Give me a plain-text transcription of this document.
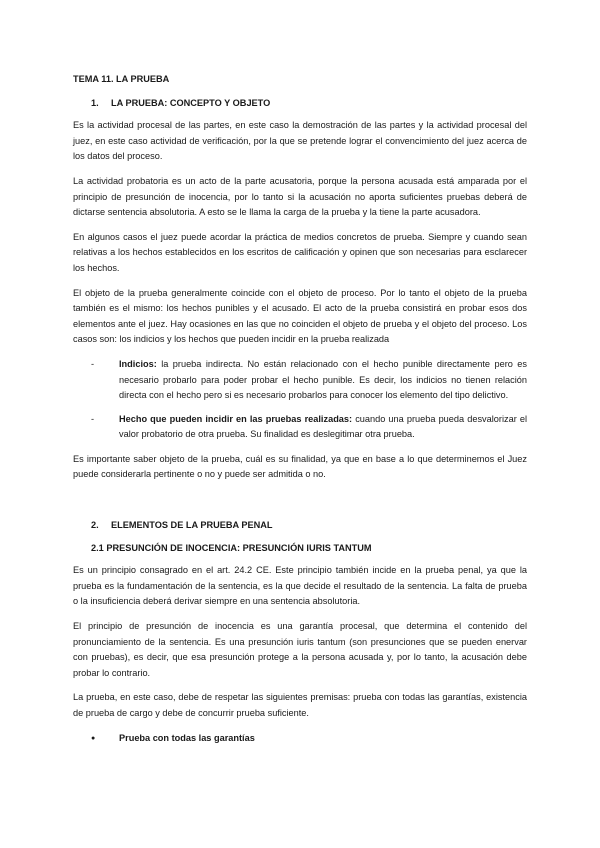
TEMA 11. LA PRUEBA
1.	LA PRUEBA: CONCEPTO Y OBJETO

Es la actividad procesal de las partes, en este caso la demostración de las partes y la actividad procesal del juez, en este caso actividad de verificación, por la que se pretende lograr el convencimiento del juez acerca de los datos del proceso.

La actividad probatoria es un acto de la parte acusatoria, porque la persona acusada está amparada por el principio de presunción de inocencia, por lo tanto si la acusación no aporta suficientes pruebas deberá de dictarse sentencia absolutoria. A esto se le llama la carga de la prueba y la tiene la parte acusadora.

En algunos casos el juez puede acordar la práctica de medios concretos de prueba. Siempre y cuando sean relativas a los hechos establecidos en los escritos de calificación y opinen que son necesarias para esclarecer los hechos.

El objeto de la prueba generalmente coincide con el objeto de proceso. Por lo tanto el objeto de la prueba también es el mismo: los hechos punibles y el acusado. El acto de la prueba consistirá en probar esos dos elementos ante el juez. Hay ocasiones en las que no coinciden el objeto de prueba y el objeto del proceso. Los casos son: los indicios y los hechos que pueden incidir en la prueba realizada

-	Indicios: la prueba indirecta. No están relacionado con el hecho punible directamente pero es necesario probarlo para poder probar el hecho punible. Es decir, los indicios no tienen relación directa con el hecho pero si es necesario probarlos para conocer los elemento del tipo delictivo.
-	Hecho que pueden incidir en las pruebas realizadas: cuando una prueba pueda desvalorizar el valor probatorio de otra prueba. Su finalidad es deslegitimar otra prueba.

Es importante saber objeto de la prueba, cuál es su finalidad, ya que en base a lo que determinemos el Juez puede considerarla pertinente o no y puede ser admitida o no.

2.	ELEMENTOS DE LA PRUEBA PENAL
2.1 PRESUNCIÓN DE INOCENCIA: PRESUNCIÓN IURIS TANTUM

Es un principio consagrado en el art. 24.2 CE. Este principio también incide en la prueba penal, ya que la prueba es la fundamentación de la sentencia, es la que decide el resultado de la sentencia. La falta de prueba o la insuficiencia deberá derivar siempre en una sentencia absolutoria.

El principio de presunción de inocencia es una garantía procesal, que determina el contenido del pronunciamiento de la sentencia. Es una presunción iuris tantum (son presunciones que se pueden enervar con pruebas), es decir, que esa presunción protege a la persona acusada y, por lo tanto, la acusación debe probar lo contrario.

La prueba, en este caso, debe de respetar las siguientes premisas: prueba con todas las garantías, existencia de prueba de cargo y debe de concurrir prueba suficiente.

●	Prueba con todas las garantías
